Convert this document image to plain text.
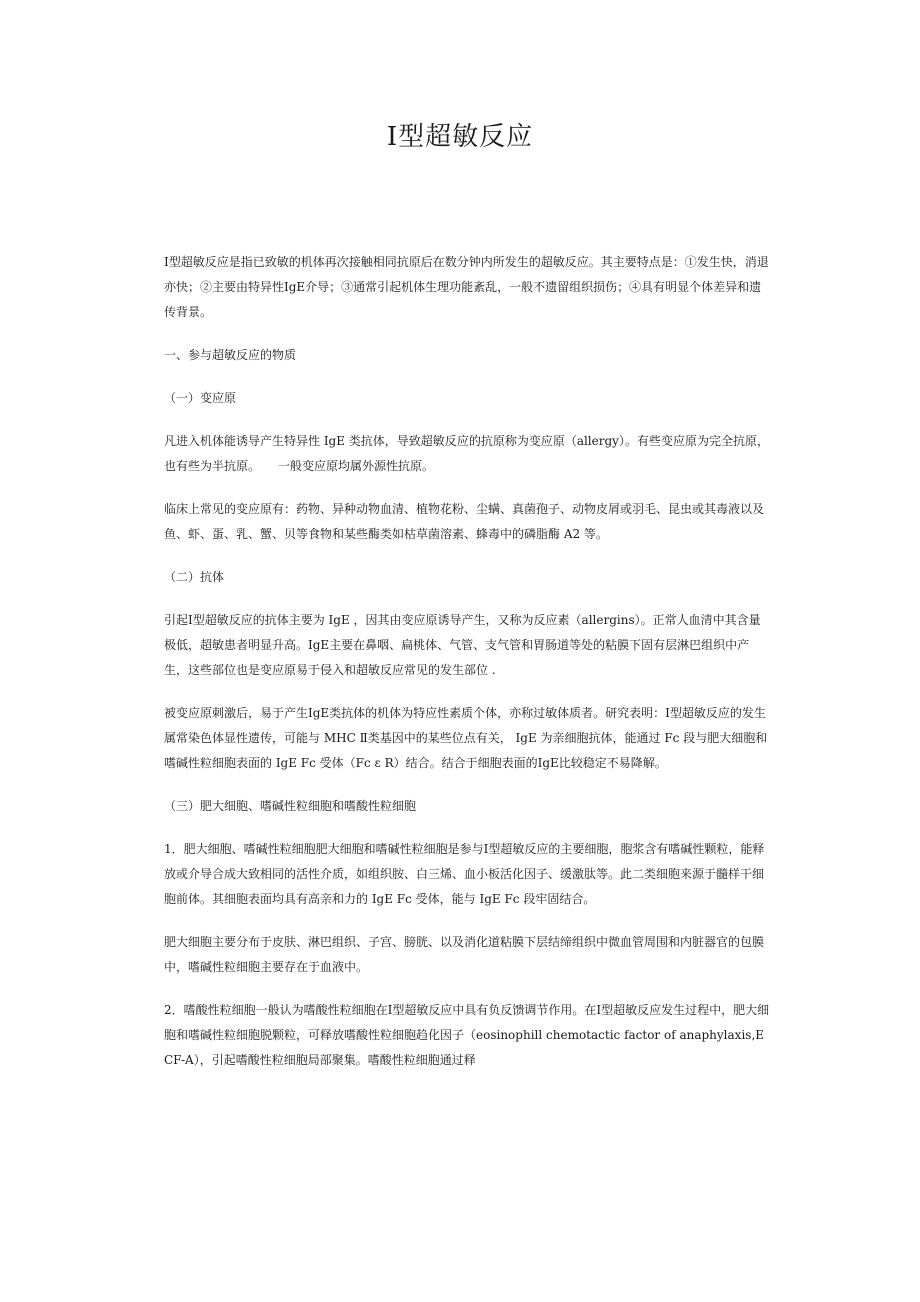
Ⅰ型超敏反应

Ⅰ型超敏反应是指已致敏的机体再次接触相同抗原后在数分钟内所发生的超敏反应。其主要特点是：①发生快，消退亦快；②主要由特异性IgE介导；③通常引起机体生理功能紊乱，一般不遗留组织损伤；④具有明显个体差异和遗传背景。

一、参与超敏反应的物质

（一）变应原

凡进入机体能诱导产生特异性 IgE 类抗体，导致超敏反应的抗原称为变应原（allergy）。有些变应原为完全抗原，也有些为半抗原。　　一般变应原均属外源性抗原。

临床上常见的变应原有：药物、异种动物血清、植物花粉、尘螨、真菌孢子、动物皮屑或羽毛、昆虫或其毒液以及鱼、虾、蛋、乳、蟹、贝等食物和某些酶类如枯草菌溶素、蜂毒中的磷脂酶 A2 等。

（二）抗体

引起Ⅰ型超敏反应的抗体主要为 IgE ，因其由变应原诱导产生，又称为反应素（allergins）。正常人血清中其含量极低，超敏患者明显升高。IgE主要在鼻咽、扁桃体、气管、支气管和胃肠道等处的粘膜下固有层淋巴组织中产生，这些部位也是变应原易于侵入和超敏反应常见的发生部位 .

被变应原刺激后，易于产生IgE类抗体的机体为特应性素质个体，亦称过敏体质者。研究表明：Ⅰ型超敏反应的发生属常染色体显性遗传，可能与 MHC Ⅱ类基因中的某些位点有关， IgE 为亲细胞抗体，能通过 Fc 段与肥大细胞和嗜碱性粒细胞表面的 IgE Fc 受体（Fc ε R）结合。结合于细胞表面的IgE比较稳定不易降解。

（三）肥大细胞、嗜碱性粒细胞和嗜酸性粒细胞

1．肥大细胞、嗜碱性粒细胞肥大细胞和嗜碱性粒细胞是参与Ⅰ型超敏反应的主要细胞，胞浆含有嗜碱性颗粒，能释放或介导合成大致相同的活性介质，如组织胺、白三烯、血小板活化因子、缓激肽等。此二类细胞来源于髓样干细胞前体。其细胞表面均具有高亲和力的 IgE Fc 受体，能与 IgE Fc 段牢固结合。

肥大细胞主要分布于皮肤、淋巴组织、子宫、膀胱、以及消化道粘膜下层结缔组织中微血管周围和内脏器官的包膜中，嗜碱性粒细胞主要存在于血液中。

2．嗜酸性粒细胞一般认为嗜酸性粒细胞在Ⅰ型超敏反应中具有负反馈调节作用。在Ⅰ型超敏反应发生过程中，肥大细胞和嗜碱性粒细胞脱颗粒，可释放嗜酸性粒细胞趋化因子（eosinophill chemotactic factor of anaphylaxis,ECF-A），引起嗜酸性粒细胞局部聚集。嗜酸性粒细胞通过释
